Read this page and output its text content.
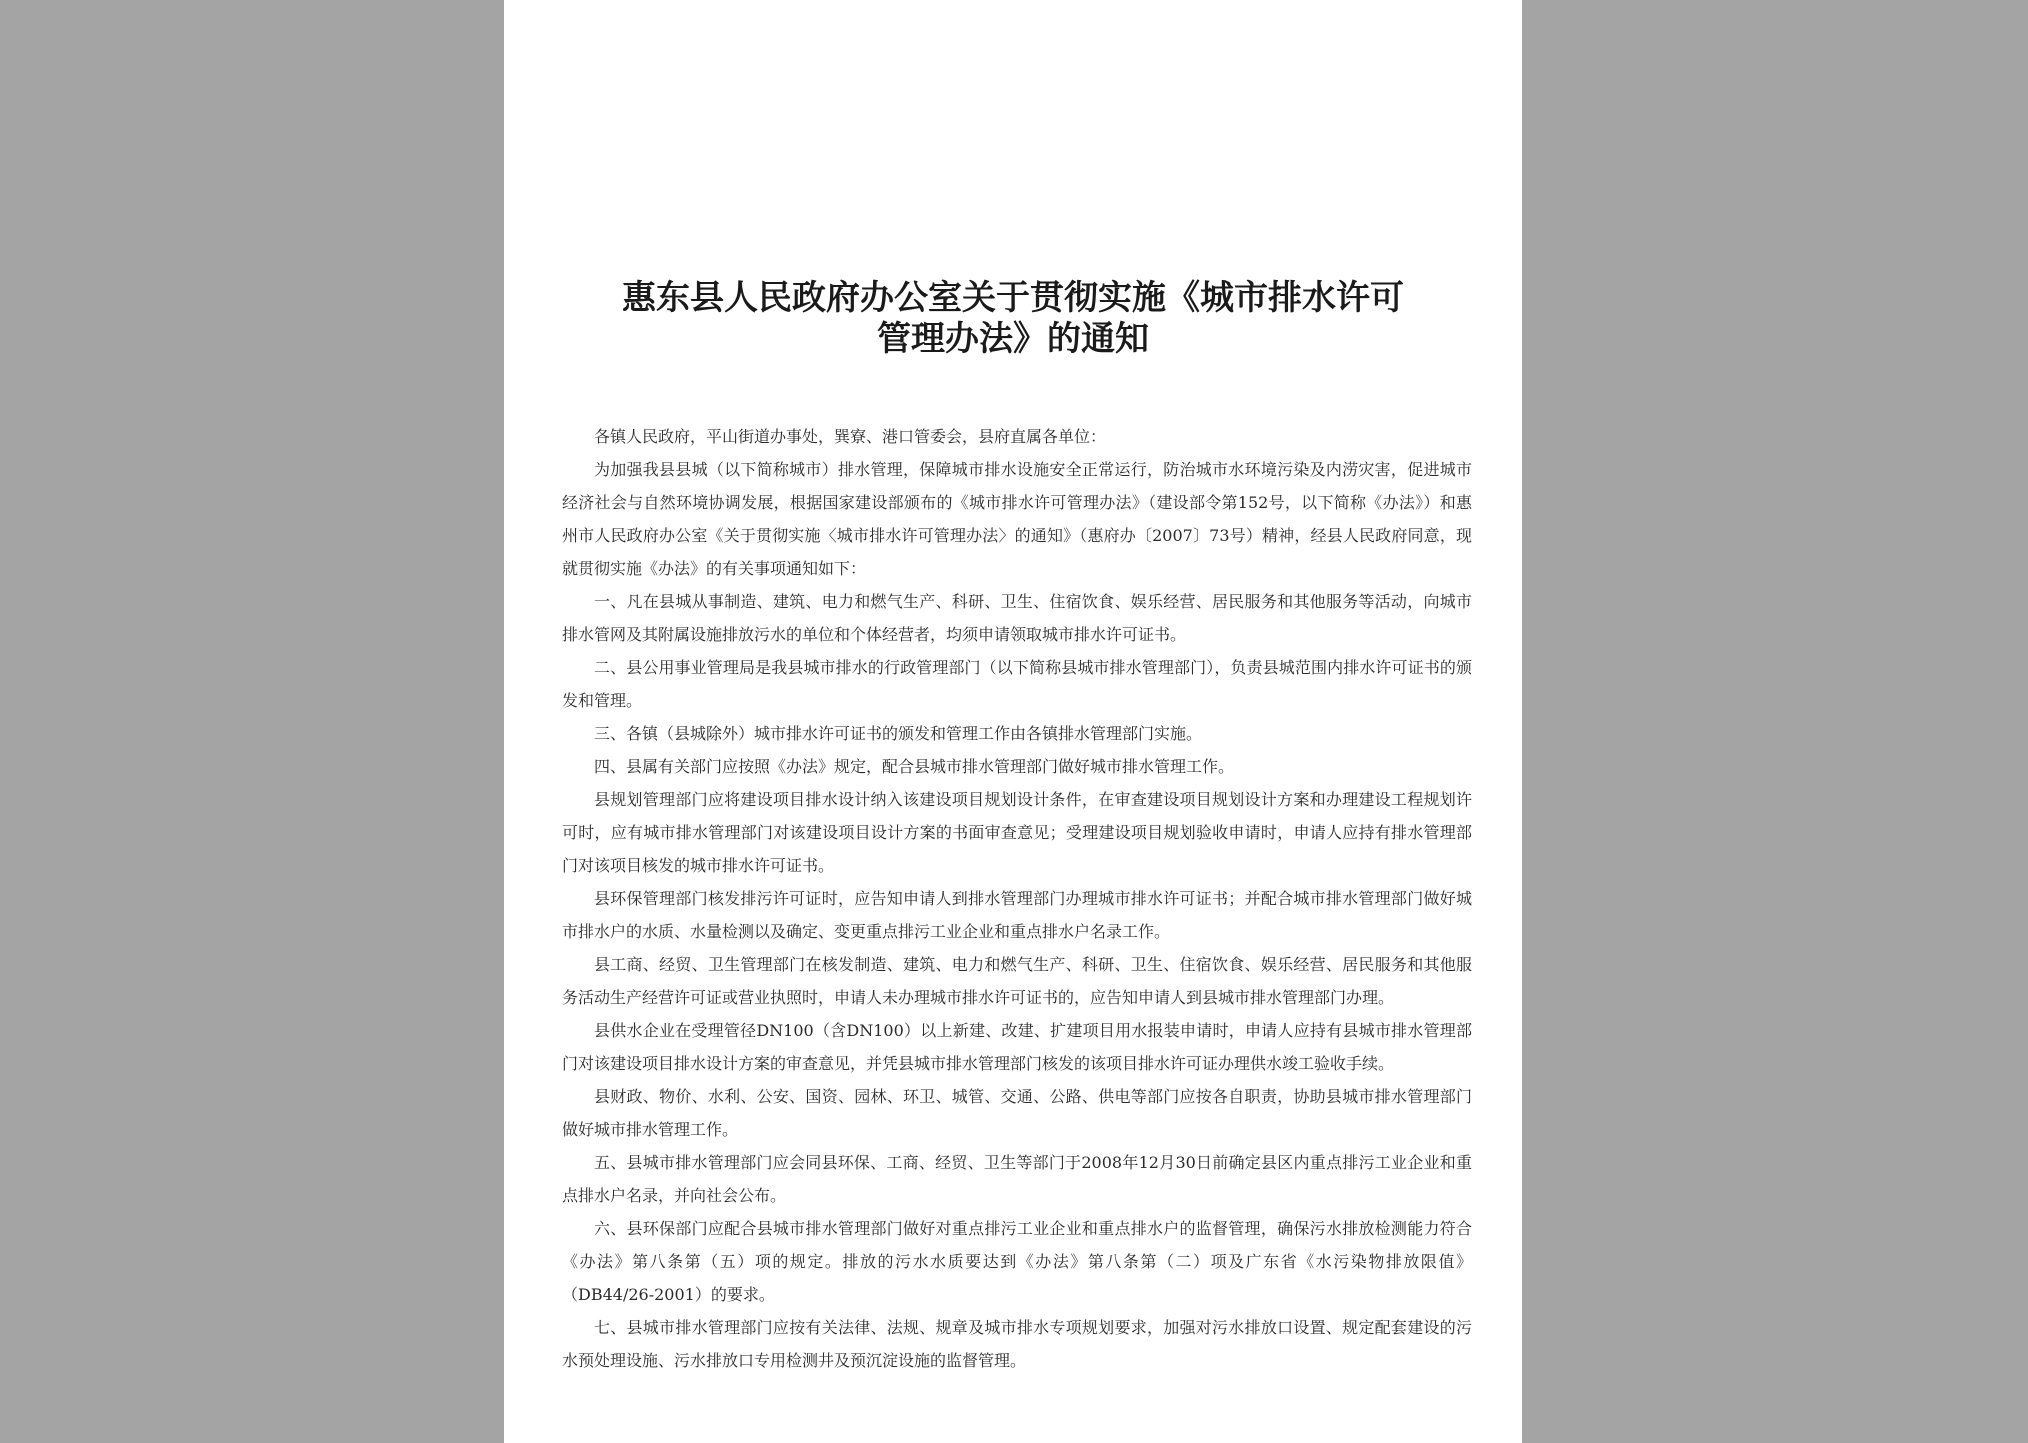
惠东县人民政府办公室关于贯彻实施《城市排水许可
管理办法》的通知

各镇人民政府，平山街道办事处，巽寮、港口管委会，县府直属各单位：

为加强我县县城（以下简称城市）排水管理，保障城市排水设施安全正常运行，防治城市水环境污染及内涝灾害，促进城市经济社会与自然环境协调发展，根据国家建设部颁布的《城市排水许可管理办法》（建设部令第152号，以下简称《办法》）和惠州市人民政府办公室《关于贯彻实施〈城市排水许可管理办法〉的通知》（惠府办〔2007〕73号）精神，经县人民政府同意，现就贯彻实施《办法》的有关事项通知如下：

一、凡在县城从事制造、建筑、电力和燃气生产、科研、卫生、住宿饮食、娱乐经营、居民服务和其他服务等活动，向城市排水管网及其附属设施排放污水的单位和个体经营者，均须申请领取城市排水许可证书。

二、县公用事业管理局是我县城市排水的行政管理部门（以下简称县城市排水管理部门），负责县城范围内排水许可证书的颁发和管理。

三、各镇（县城除外）城市排水许可证书的颁发和管理工作由各镇排水管理部门实施。

四、县属有关部门应按照《办法》规定，配合县城市排水管理部门做好城市排水管理工作。

县规划管理部门应将建设项目排水设计纳入该建设项目规划设计条件，在审查建设项目规划设计方案和办理建设工程规划许可时，应有城市排水管理部门对该建设项目设计方案的书面审查意见；受理建设项目规划验收申请时，申请人应持有排水管理部门对该项目核发的城市排水许可证书。

县环保管理部门核发排污许可证时，应告知申请人到排水管理部门办理城市排水许可证书；并配合城市排水管理部门做好城市排水户的水质、水量检测以及确定、变更重点排污工业企业和重点排水户名录工作。

县工商、经贸、卫生管理部门在核发制造、建筑、电力和燃气生产、科研、卫生、住宿饮食、娱乐经营、居民服务和其他服务活动生产经营许可证或营业执照时，申请人未办理城市排水许可证书的，应告知申请人到县城市排水管理部门办理。

县供水企业在受理管径DN100（含DN100）以上新建、改建、扩建项目用水报装申请时，申请人应持有县城市排水管理部门对该建设项目排水设计方案的审查意见，并凭县城市排水管理部门核发的该项目排水许可证办理供水竣工验收手续。

县财政、物价、水利、公安、国资、园林、环卫、城管、交通、公路、供电等部门应按各自职责，协助县城市排水管理部门做好城市排水管理工作。

五、县城市排水管理部门应会同县环保、工商、经贸、卫生等部门于2008年12月30日前确定县区内重点排污工业企业和重点排水户名录，并向社会公布。

六、县环保部门应配合县城市排水管理部门做好对重点排污工业企业和重点排水户的监督管理，确保污水排放检测能力符合《办法》第八条第（五）项的规定。排放的污水水质要达到《办法》第八条第（二）项及广东省《水污染物排放限值》（DB44/26-2001）的要求。

七、县城市排水管理部门应按有关法律、法规、规章及城市排水专项规划要求，加强对污水排放口设置、规定配套建设的污水预处理设施、污水排放口专用检测井及预沉淀设施的监督管理。
